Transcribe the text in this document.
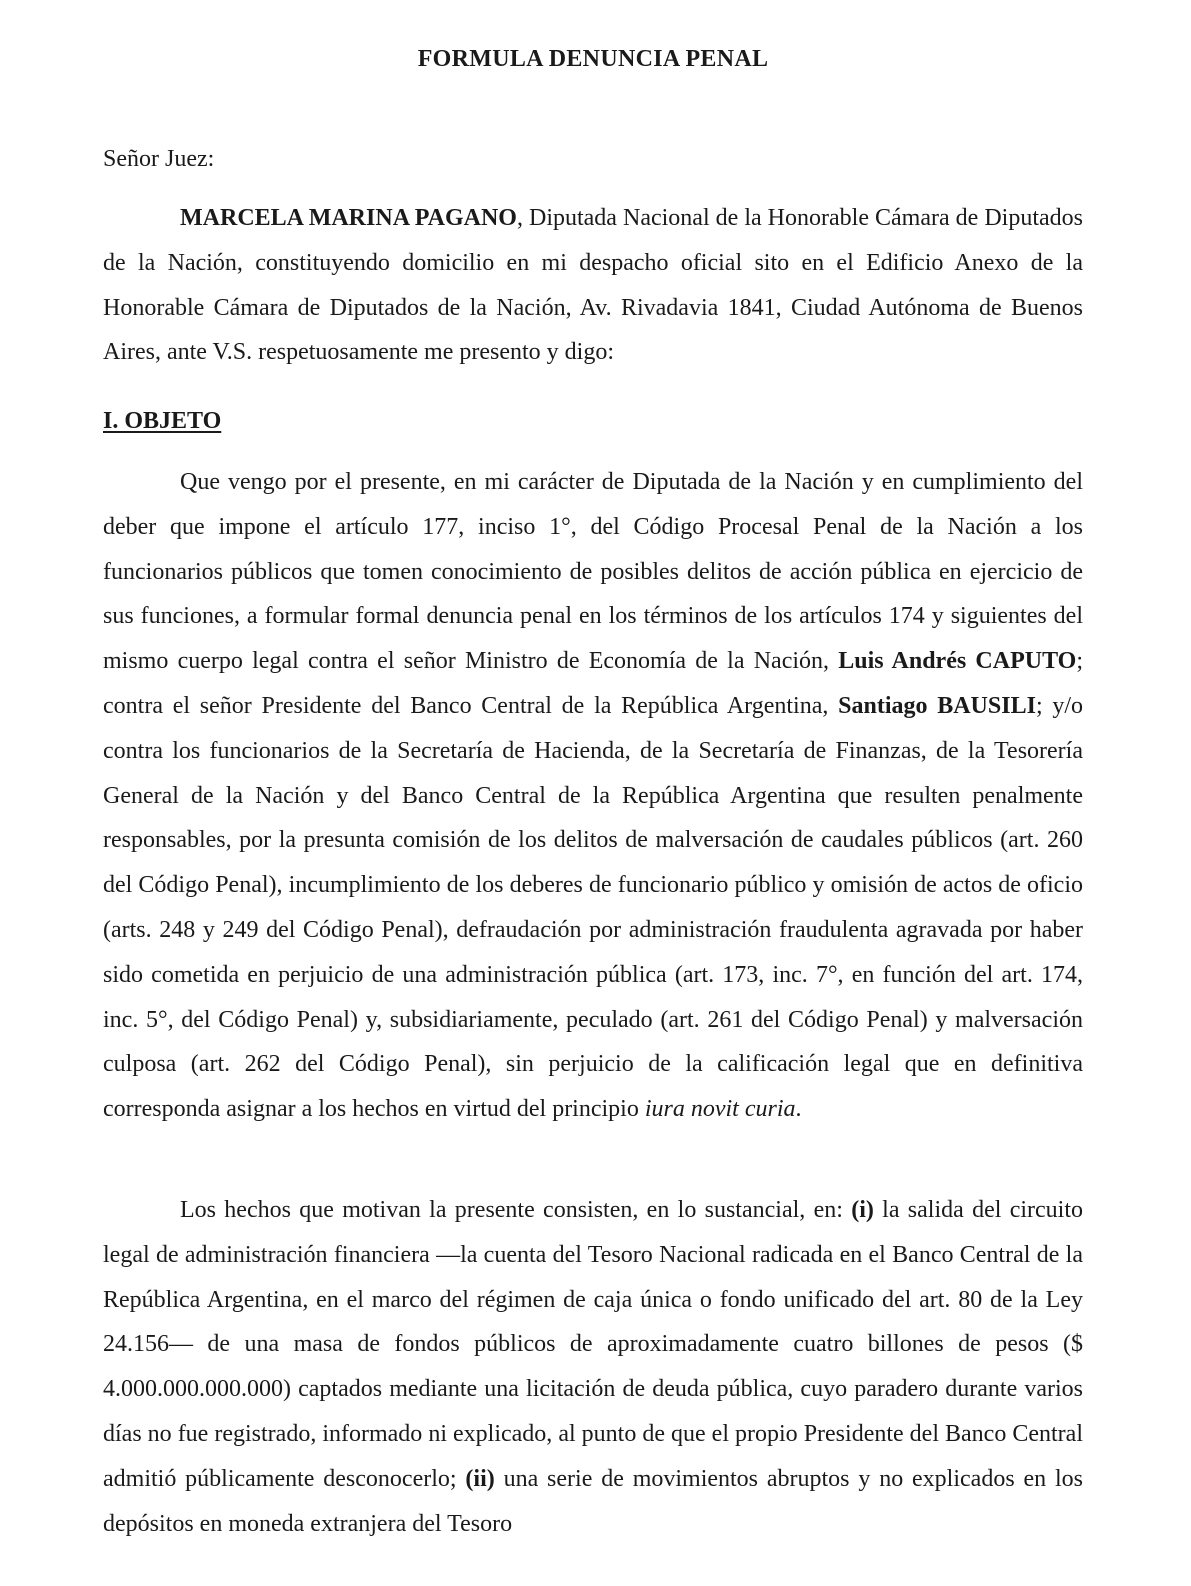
FORMULA DENUNCIA PENAL

Señor Juez:

MARCELA MARINA PAGANO, Diputada Nacional de la Honorable Cámara de Diputados de la Nación, constituyendo domicilio en mi despacho oficial sito en el Edificio Anexo de la Honorable Cámara de Diputados de la Nación, Av. Rivadavia 1841, Ciudad Autónoma de Buenos Aires, ante V.S. respetuosamente me presento y digo:

I. OBJETO

Que vengo por el presente, en mi carácter de Diputada de la Nación y en cumplimiento del deber que impone el artículo 177, inciso 1°, del Código Procesal Penal de la Nación a los funcionarios públicos que tomen conocimiento de posibles delitos de acción pública en ejercicio de sus funciones, a formular formal denuncia penal en los términos de los artículos 174 y siguientes del mismo cuerpo legal contra el señor Ministro de Economía de la Nación, Luis Andrés CAPUTO; contra el señor Presidente del Banco Central de la República Argentina, Santiago BAUSILI; y/o contra los funcionarios de la Secretaría de Hacienda, de la Secretaría de Finanzas, de la Tesorería General de la Nación y del Banco Central de la República Argentina que resulten penalmente responsables, por la presunta comisión de los delitos de malversación de caudales públicos (art. 260 del Código Penal), incumplimiento de los deberes de funcionario público y omisión de actos de oficio (arts. 248 y 249 del Código Penal), defraudación por administración fraudulenta agravada por haber sido cometida en perjuicio de una administración pública (art. 173, inc. 7°, en función del art. 174, inc. 5°, del Código Penal) y, subsidiariamente, peculado (art. 261 del Código Penal) y malversación culposa (art. 262 del Código Penal), sin perjuicio de la calificación legal que en definitiva corresponda asignar a los hechos en virtud del principio iura novit curia.

Los hechos que motivan la presente consisten, en lo sustancial, en: (i) la salida del circuito legal de administración financiera —la cuenta del Tesoro Nacional radicada en el Banco Central de la República Argentina, en el marco del régimen de caja única o fondo unificado del art. 80 de la Ley 24.156— de una masa de fondos públicos de aproximadamente cuatro billones de pesos ($ 4.000.000.000.000) captados mediante una licitación de deuda pública, cuyo paradero durante varios días no fue registrado, informado ni explicado, al punto de que el propio Presidente del Banco Central admitió públicamente desconocerlo; (ii) una serie de movimientos abruptos y no explicados en los depósitos en moneda extranjera del Tesoro
